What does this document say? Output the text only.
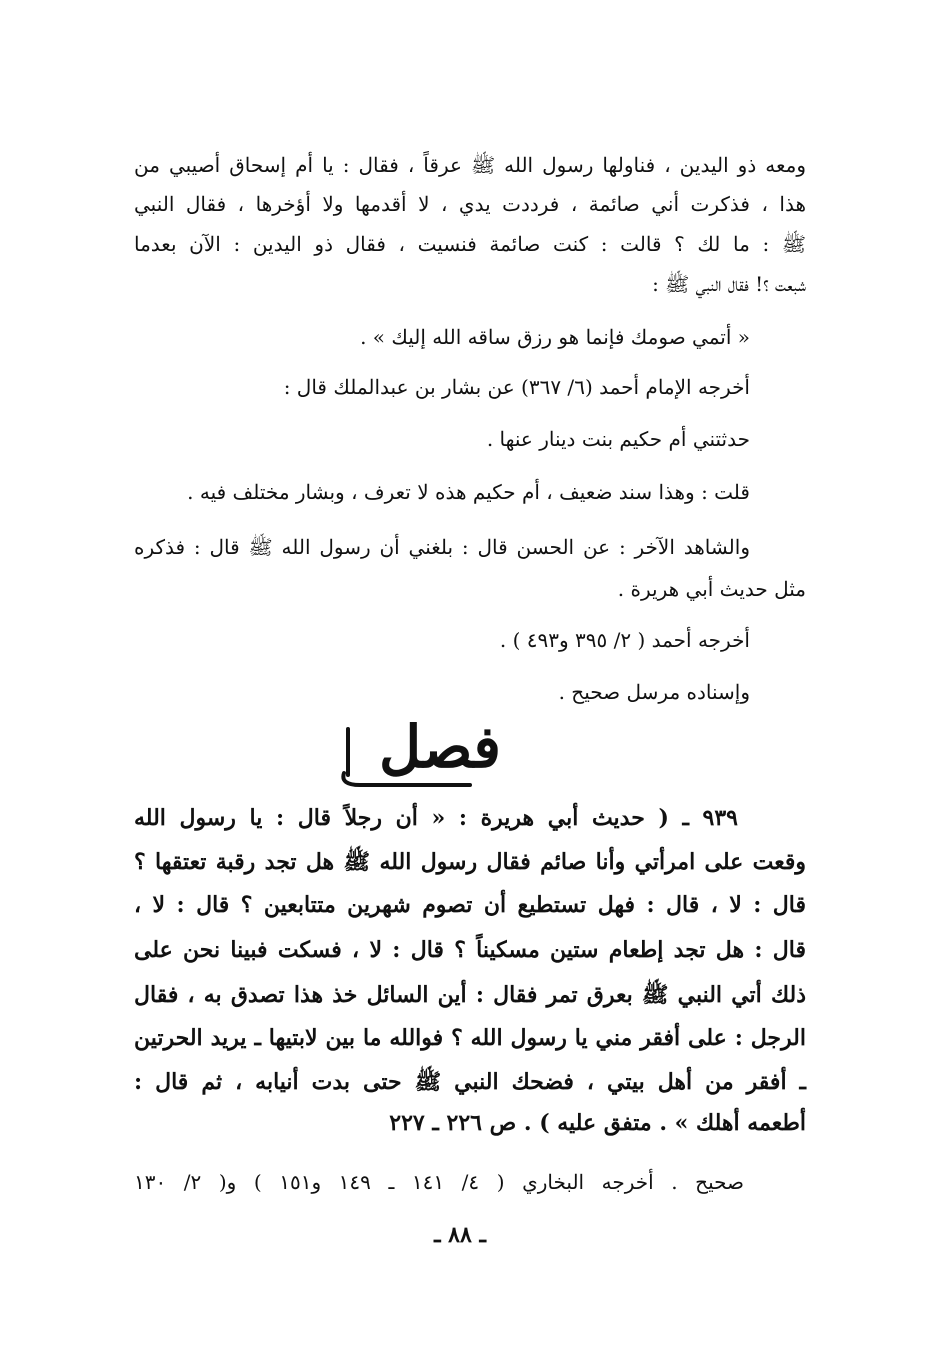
ومعه ذو اليدين ، فناولها رسول الله ﷺ عرقاً ، فقال : يا أم إسحاق أصيبي من
هذا ، فذكرت أني صائمة ، فرددت يدي ، لا أقدمها ولا أؤخرها ، فقال النبي
ﷺ : ما لك ؟ قالت : كنت صائمة فنسيت ، فقال ذو اليدين : الآن بعدما
شبعت ؟! فقال النبي ﷺ :
« أتمي صومك فإنما هو رزق ساقه الله إليك » .
أخرجه الإمام أحمد (٦/ ٣٦٧) عن بشار بن عبدالملك قال :
حدثتني أم حكيم بنت دينار عنها .
قلت : وهذا سند ضعيف ، أم حكيم هذه لا تعرف ، وبشار مختلف فيه .
والشاهد الآخر : عن الحسن قال : بلغني أن رسول الله ﷺ قال : فذكره
مثل حديث أبي هريرة .
أخرجه أحمد ( ٢/ ٣٩٥ و٤٩٣ ) .
وإسناده مرسل صحيح .
فصل
٩٣٩ ـ ( حديث أبي هريرة : « أن رجلاً قال : يا رسول الله
وقعت على امرأتي وأنا صائم فقال رسول الله ﷺ هل تجد رقبة تعتقها ؟
قال : لا ، قال : فهل تستطيع أن تصوم شهرين متتابعين ؟ قال : لا ،
قال : هل تجد إطعام ستين مسكيناً ؟ قال : لا ، فسكت فبينا نحن على
ذلك أتي النبي ﷺ بعرق تمر فقال : أين السائل خذ هذا تصدق به ، فقال
الرجل : على أفقر مني يا رسول الله ؟ فوالله ما بين لابتيها ـ يريد الحرتين
ـ أفقر من أهل بيتي ، فضحك النبي ﷺ حتى بدت أنيابه ، ثم قال :
أطعمه أهلك » . متفق عليه ) . ص ٢٢٦ ـ ٢٢٧
صحيح . أخرجه البخاري ( ٤/ ١٤١ ـ ١٤٩ و١٥١ ) و( ٢/ ١٣٠
ـ ٨٨ ـ
